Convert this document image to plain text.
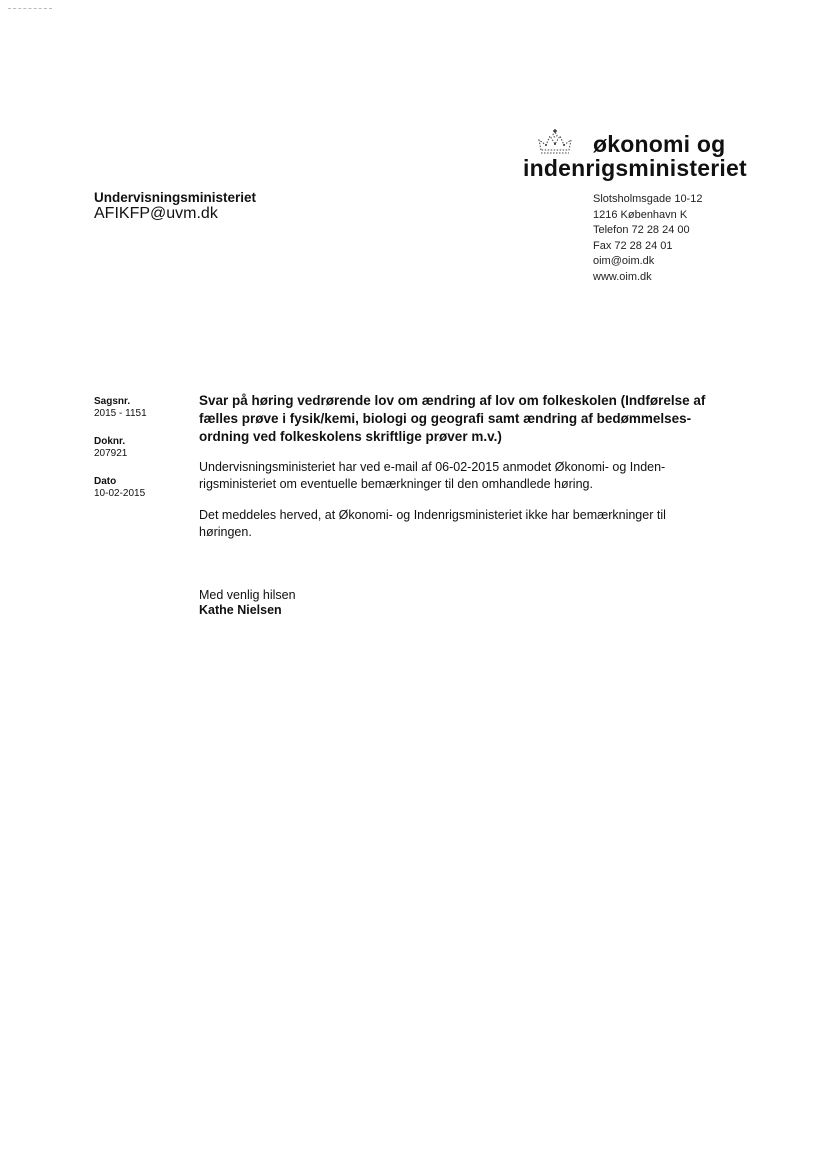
økonomi og
indenrigsministeriet
Undervisningsministeriet
AFIKFP@uvm.dk
Slotsholmsgade 10-12
1216 København K
Telefon 72 28 24 00
Fax 72 28 24 01
oim@oim.dk
www.oim.dk
Sagsnr.
2015 - 1151
Doknr.
207921
Dato
10-02-2015
Svar på høring vedrørende lov om ændring af lov om folkeskolen (Indførelse af fælles prøve i fysik/kemi, biologi og geografi samt ændring af bedømmelses-ordning ved folkeskolens skriftlige prøver m.v.)
Undervisningsministeriet har ved e-mail af 06-02-2015 anmodet Økonomi- og Inden-rigsministeriet om eventuelle bemærkninger til den omhandlede høring.
Det meddeles herved, at Økonomi- og Indenrigsministeriet ikke har bemærkninger til høringen.
Med venlig hilsen
Kathe Nielsen
